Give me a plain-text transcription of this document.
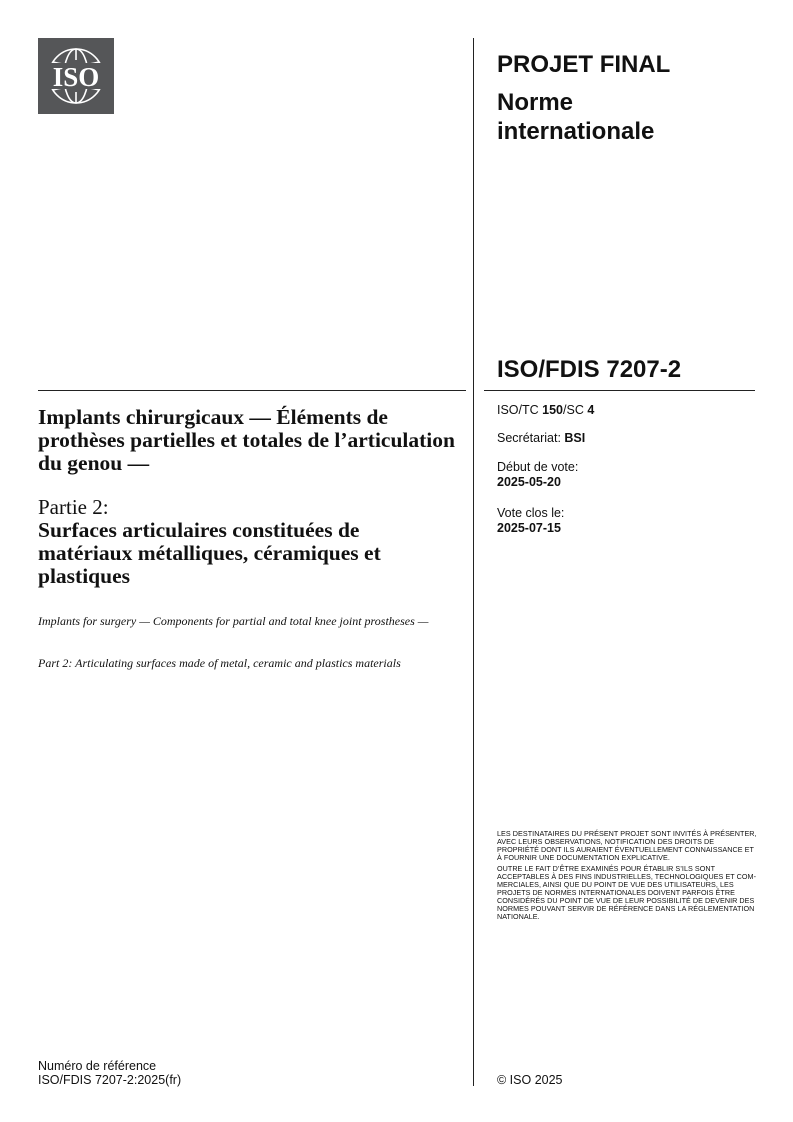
ISO	PROJET FINAL
Norme
internationale
ISO/FDIS 7207-2
ISO/TC 150/SC 4
Secrétariat: BSI
Début de vote:
2025-05-20
Vote clos le:
2025-07-15
Implants chirurgicaux — Éléments de prothèses partielles et totales de l’articulation du genou —
Partie 2:
Surfaces articulaires constituées de matériaux métalliques, céramiques et plastiques
Implants for surgery — Components for partial and total knee joint prostheses —
Part 2: Articulating surfaces made of metal, ceramic and plastics materials

LES DESTINATAIRES DU PRÉSENT PROJET SONT INVITÉS À PRÉSENTER, AVEC LEURS OBSERVATIONS, NOTIFICATION DES DROITS DE PROPRIÉTÉ DONT ILS AURAIENT ÉVENTUELLEMENT CONNAISSANCE ET À FOURNIR UNE DOCUMENTATION EXPLICATIVE.

OUTRE LE FAIT D’ÊTRE EXAMINÉS POUR ÉTABLIR S’ILS SONT ACCEPTABLES À DES FINS INDUSTRIELLES, TECHNOLOGIQUES ET COM-MERCIALES, AINSI QUE DU POINT DE VUE DES UTILISATEURS, LES PROJETS DE NORMES INTERNATIONALES DOIVENT PARFOIS ÊTRE CONSIDÉRÉS DU POINT DE VUE DE LEUR POSSIBILITÉ DE DEVENIR DES NORMES POUVANT SERVIR DE RÉFÉRENCE DANS LA RÉGLEMENTATION NATIONALE.

Numéro de référence
ISO/FDIS 7207-2:2025(fr)	© ISO 2025
